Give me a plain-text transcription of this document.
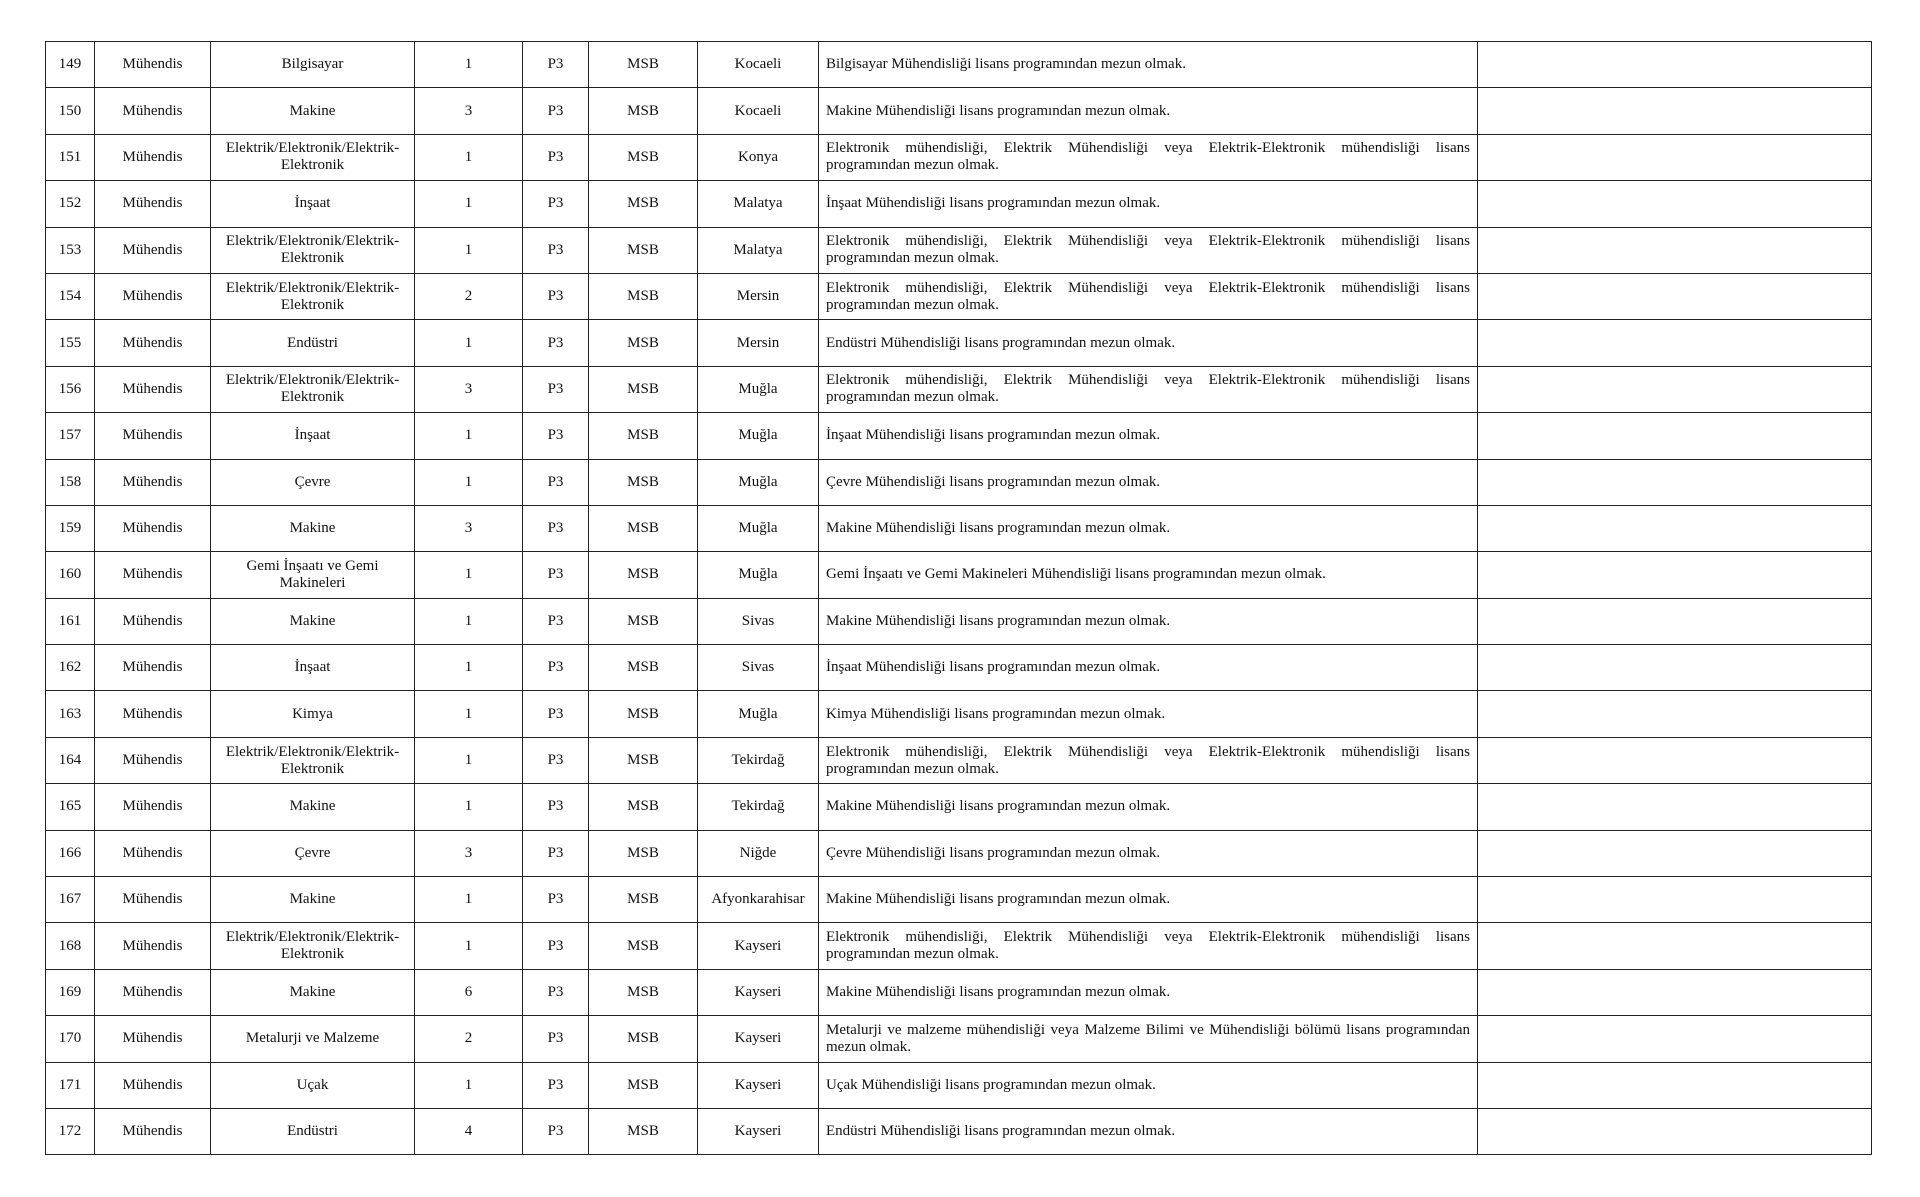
149	Mühendis	Bilgisayar	1	P3	MSB	Kocaeli	Bilgisayar Mühendisliği lisans programından mezun olmak.	
150	Mühendis	Makine	3	P3	MSB	Kocaeli	Makine Mühendisliği lisans programından mezun olmak.	
151	Mühendis	Elektrik/Elektronik/Elektrik-Elektronik	1	P3	MSB	Konya	Elektronik mühendisliği, Elektrik Mühendisliği veya Elektrik-Elektronik mühendisliği lisans programından mezun olmak.	
152	Mühendis	İnşaat	1	P3	MSB	Malatya	İnşaat Mühendisliği lisans programından mezun olmak.	
153	Mühendis	Elektrik/Elektronik/Elektrik-Elektronik	1	P3	MSB	Malatya	Elektronik mühendisliği, Elektrik Mühendisliği veya Elektrik-Elektronik mühendisliği lisans programından mezun olmak.	
154	Mühendis	Elektrik/Elektronik/Elektrik-Elektronik	2	P3	MSB	Mersin	Elektronik mühendisliği, Elektrik Mühendisliği veya Elektrik-Elektronik mühendisliği lisans programından mezun olmak.	
155	Mühendis	Endüstri	1	P3	MSB	Mersin	Endüstri Mühendisliği lisans programından mezun olmak.	
156	Mühendis	Elektrik/Elektronik/Elektrik-Elektronik	3	P3	MSB	Muğla	Elektronik mühendisliği, Elektrik Mühendisliği veya Elektrik-Elektronik mühendisliği lisans programından mezun olmak.	
157	Mühendis	İnşaat	1	P3	MSB	Muğla	İnşaat Mühendisliği lisans programından mezun olmak.	
158	Mühendis	Çevre	1	P3	MSB	Muğla	Çevre Mühendisliği lisans programından mezun olmak.	
159	Mühendis	Makine	3	P3	MSB	Muğla	Makine Mühendisliği lisans programından mezun olmak.	
160	Mühendis	Gemi İnşaatı ve Gemi Makineleri	1	P3	MSB	Muğla	Gemi İnşaatı ve Gemi Makineleri Mühendisliği lisans programından mezun olmak.	
161	Mühendis	Makine	1	P3	MSB	Sivas	Makine Mühendisliği lisans programından mezun olmak.	
162	Mühendis	İnşaat	1	P3	MSB	Sivas	İnşaat Mühendisliği lisans programından mezun olmak.	
163	Mühendis	Kimya	1	P3	MSB	Muğla	Kimya Mühendisliği lisans programından mezun olmak.	
164	Mühendis	Elektrik/Elektronik/Elektrik-Elektronik	1	P3	MSB	Tekirdağ	Elektronik mühendisliği, Elektrik Mühendisliği veya Elektrik-Elektronik mühendisliği lisans programından mezun olmak.	
165	Mühendis	Makine	1	P3	MSB	Tekirdağ	Makine Mühendisliği lisans programından mezun olmak.	
166	Mühendis	Çevre	3	P3	MSB	Niğde	Çevre Mühendisliği lisans programından mezun olmak.	
167	Mühendis	Makine	1	P3	MSB	Afyonkarahisar	Makine Mühendisliği lisans programından mezun olmak.	
168	Mühendis	Elektrik/Elektronik/Elektrik-Elektronik	1	P3	MSB	Kayseri	Elektronik mühendisliği, Elektrik Mühendisliği veya Elektrik-Elektronik mühendisliği lisans programından mezun olmak.	
169	Mühendis	Makine	6	P3	MSB	Kayseri	Makine Mühendisliği lisans programından mezun olmak.	
170	Mühendis	Metalurji ve Malzeme	2	P3	MSB	Kayseri	Metalurji ve malzeme mühendisliği veya Malzeme Bilimi ve Mühendisliği bölümü lisans programından mezun olmak.	
171	Mühendis	Uçak	1	P3	MSB	Kayseri	Uçak Mühendisliği lisans programından mezun olmak.	
172	Mühendis	Endüstri	4	P3	MSB	Kayseri	Endüstri Mühendisliği lisans programından mezun olmak.	
